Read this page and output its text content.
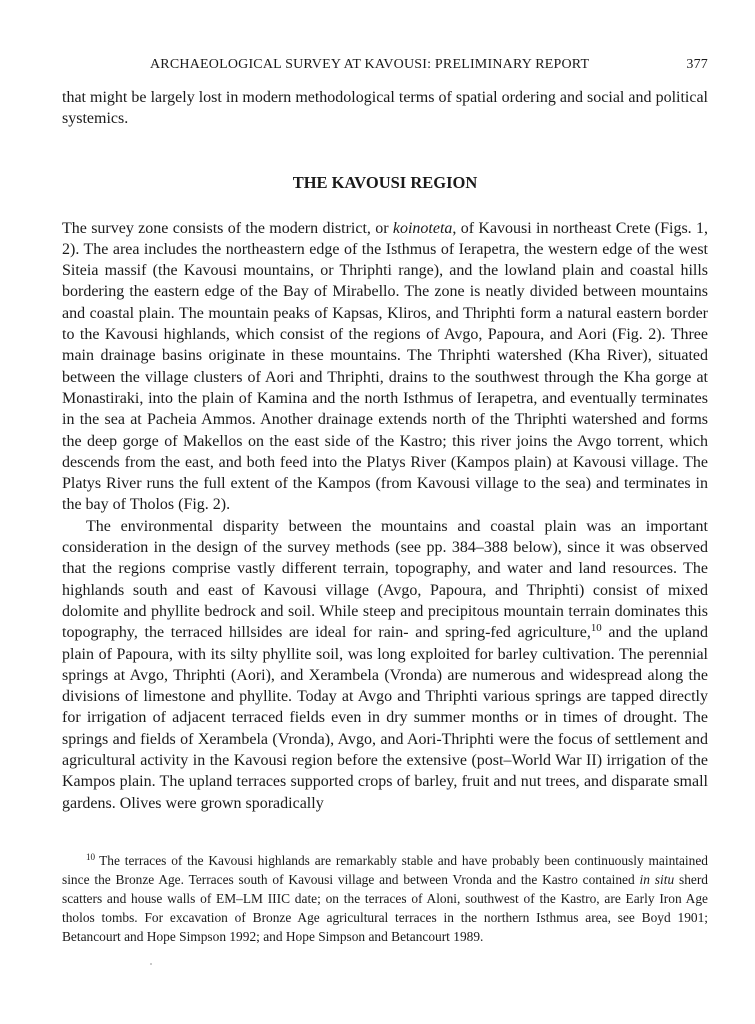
ARCHAEOLOGICAL SURVEY AT KAVOUSI: PRELIMINARY REPORT	377

that might be largely lost in modern methodological terms of spatial ordering and social and political systemics.

THE KAVOUSI REGION

The survey zone consists of the modern district, or koinoteta, of Kavousi in northeast Crete (Figs. 1, 2). The area includes the northeastern edge of the Isthmus of Ierapetra, the western edge of the west Siteia massif (the Kavousi mountains, or Thriphti range), and the lowland plain and coastal hills bordering the eastern edge of the Bay of Mirabello. The zone is neatly divided between mountains and coastal plain. The mountain peaks of Kapsas, Kliros, and Thriphti form a natural eastern border to the Kavousi highlands, which consist of the regions of Avgo, Papoura, and Aori (Fig. 2). Three main drainage basins originate in these mountains. The Thriphti watershed (Kha River), situated between the village clusters of Aori and Thriphti, drains to the southwest through the Kha gorge at Monastiraki, into the plain of Kamina and the north Isthmus of Ierapetra, and eventually terminates in the sea at Pacheia Ammos. Another drainage extends north of the Thriphti watershed and forms the deep gorge of Makellos on the east side of the Kastro; this river joins the Avgo torrent, which descends from the east, and both feed into the Platys River (Kampos plain) at Kavousi village. The Platys River runs the full extent of the Kampos (from Kavousi village to the sea) and terminates in the bay of Tholos (Fig. 2).

The environmental disparity between the mountains and coastal plain was an important consideration in the design of the survey methods (see pp. 384–388 below), since it was observed that the regions comprise vastly different terrain, topography, and water and land resources. The highlands south and east of Kavousi village (Avgo, Papoura, and Thriphti) consist of mixed dolomite and phyllite bedrock and soil. While steep and precipitous mountain terrain dominates this topography, the terraced hillsides are ideal for rain- and spring-fed agriculture,$^{10}$ and the upland plain of Papoura, with its silty phyllite soil, was long exploited for barley cultivation. The perennial springs at Avgo, Thriphti (Aori), and Xerambela (Vronda) are numerous and widespread along the divisions of limestone and phyllite. Today at Avgo and Thriphti various springs are tapped directly for irrigation of adjacent terraced fields even in dry summer months or in times of drought. The springs and fields of Xerambela (Vronda), Avgo, and Aori-Thriphti were the focus of settlement and agricultural activity in the Kavousi region before the extensive (post–World War II) irrigation of the Kampos plain. The upland terraces supported crops of barley, fruit and nut trees, and disparate small gardens. Olives were grown sporadically

$^{10}$ The terraces of the Kavousi highlands are remarkably stable and have probably been continuously maintained since the Bronze Age. Terraces south of Kavousi village and between Vronda and the Kastro contained in situ sherd scatters and house walls of EM–LM IIIC date; on the terraces of Aloni, southwest of the Kastro, are Early Iron Age tholos tombs. For excavation of Bronze Age agricultural terraces in the northern Isthmus area, see Boyd 1901; Betancourt and Hope Simpson 1992; and Hope Simpson and Betancourt 1989.
